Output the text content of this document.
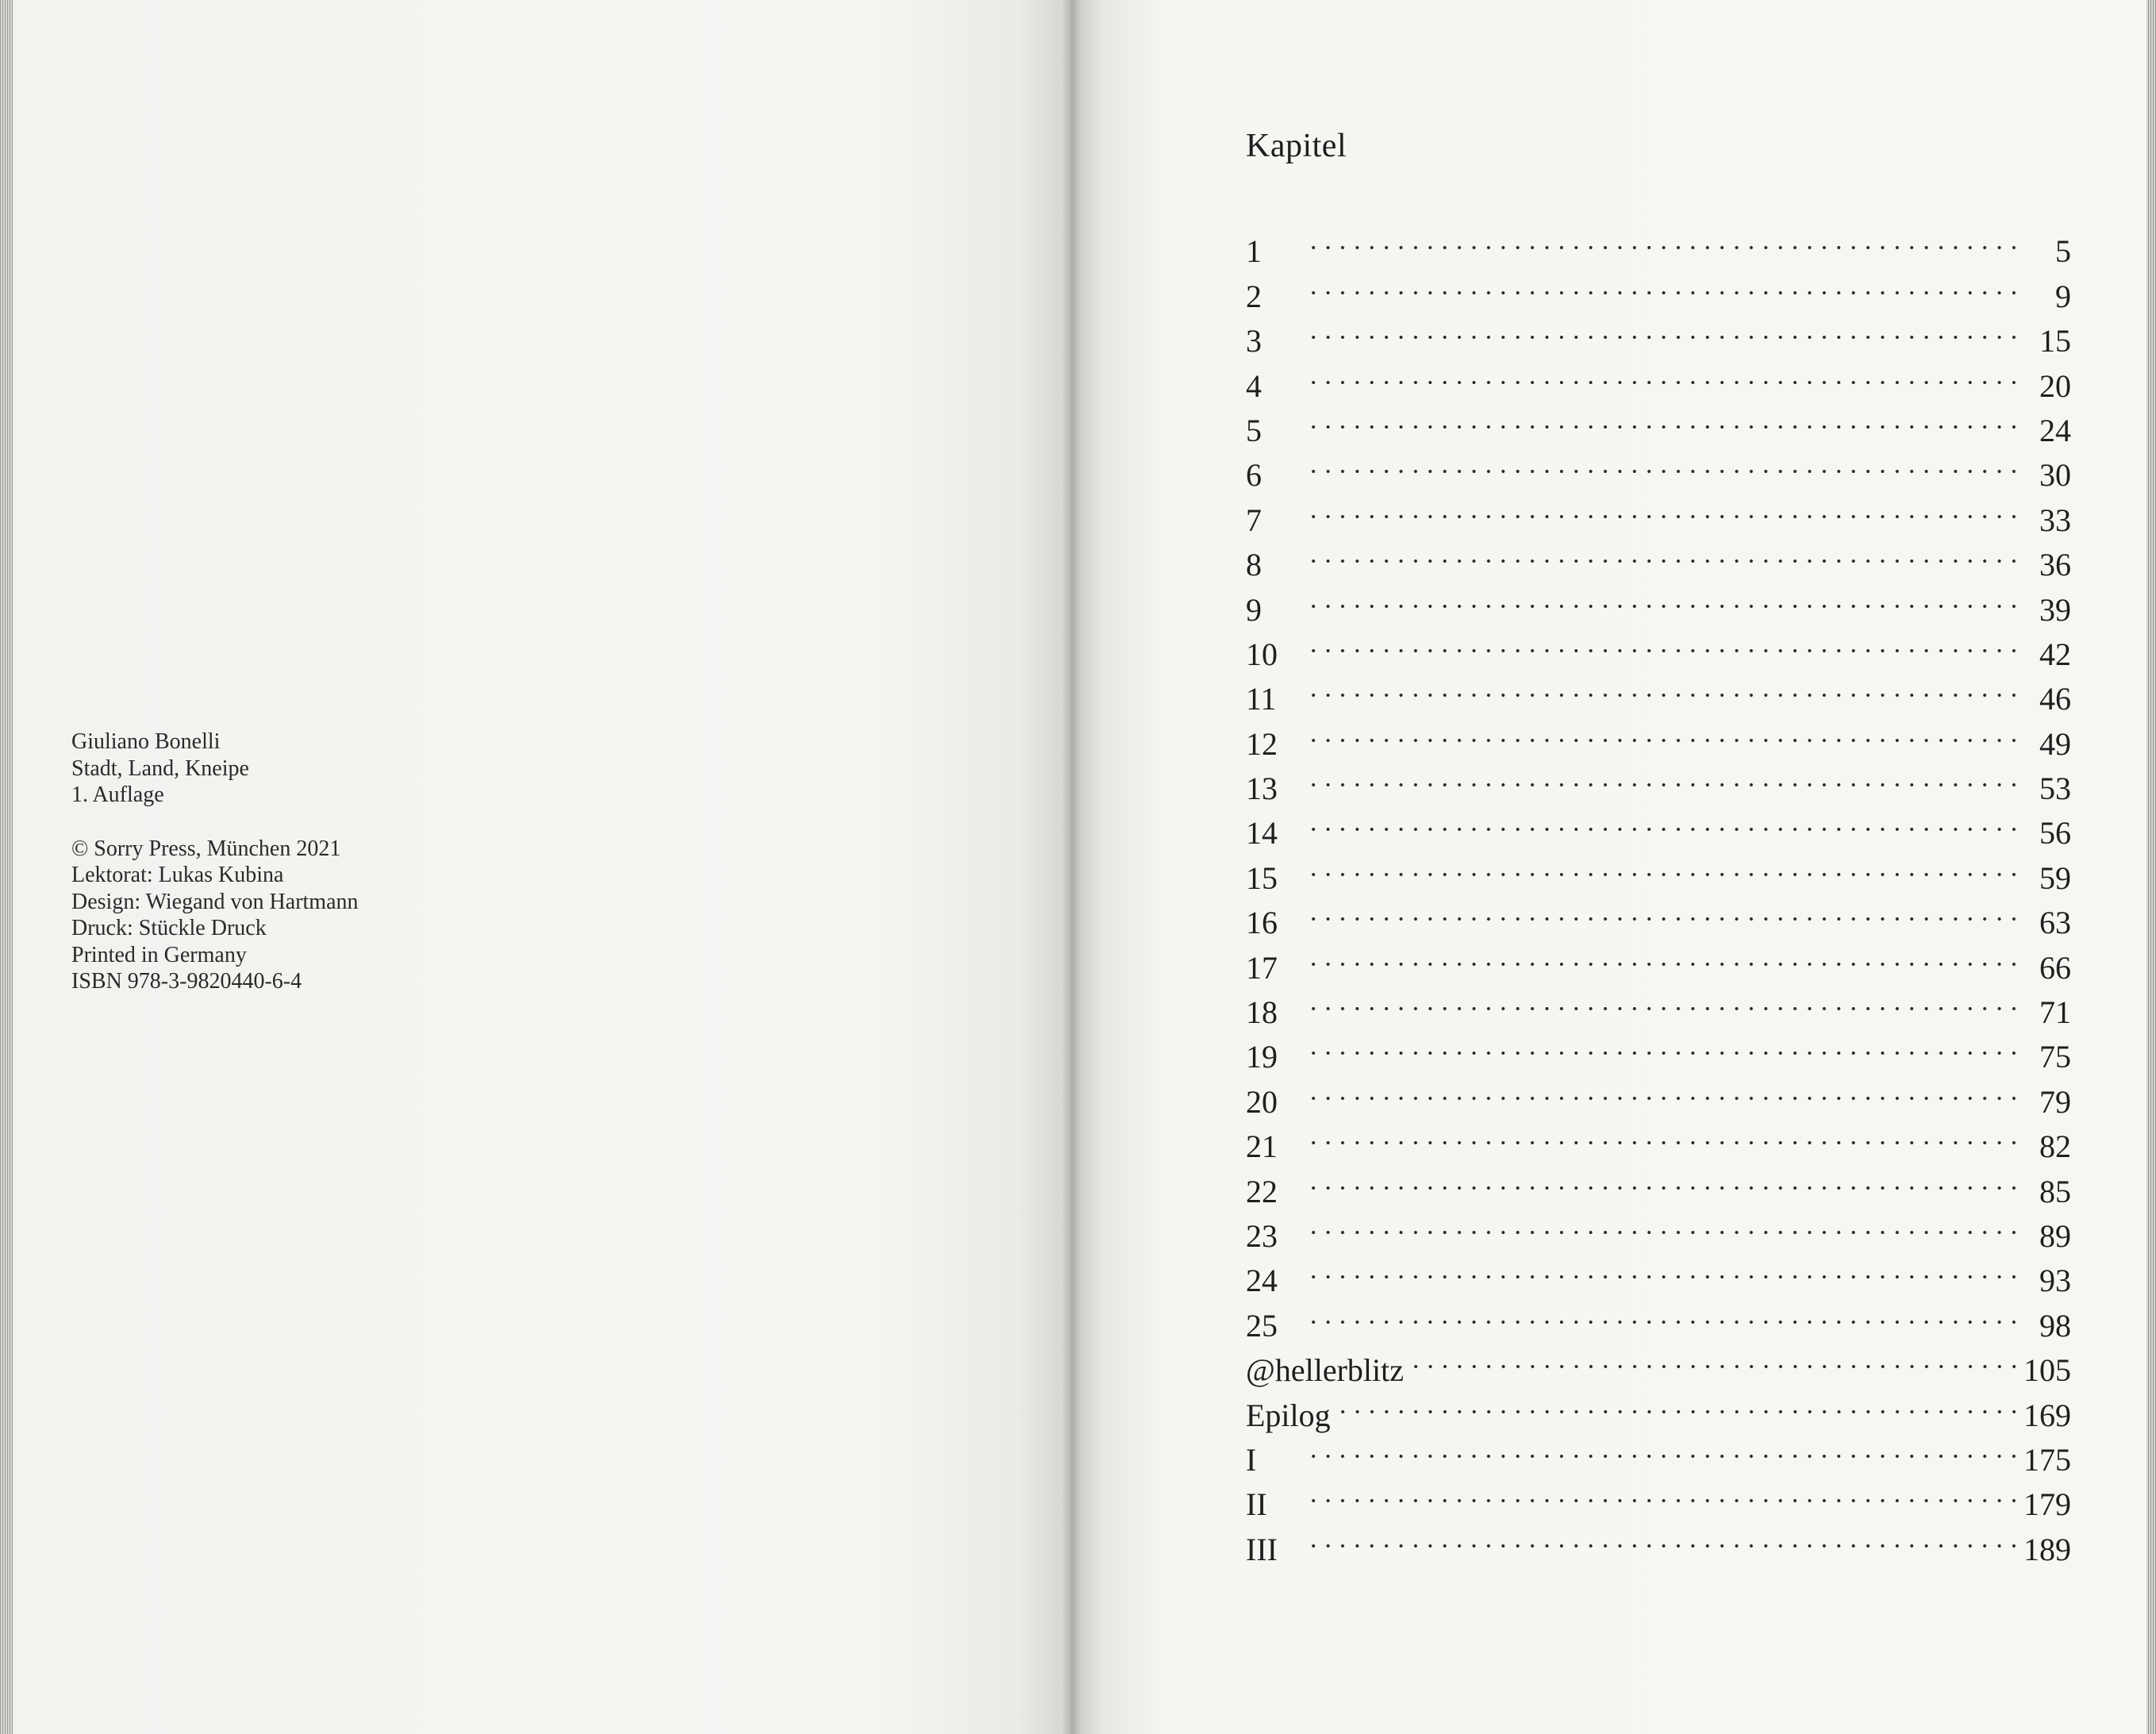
Giuliano Bonelli
Stadt, Land, Kneipe
1. Auflage
© Sorry Press, München 2021
Lektorat: Lukas Kubina
Design: Wiegand von Hartmann
Druck: Stückle Druck
Printed in Germany
ISBN 978-3-9820440-6-4
Kapitel
1	5
2	9
3	15
4	20
5	24
6	30
7	33
8	36
9	39
10	42
11	46
12	49
13	53
14	56
15	59
16	63
17	66
18	71
19	75
20	79
21	82
22	85
23	89
24	93
25	98
@hellerblitz	105
Epilog	169
I	175
II	179
III	189
